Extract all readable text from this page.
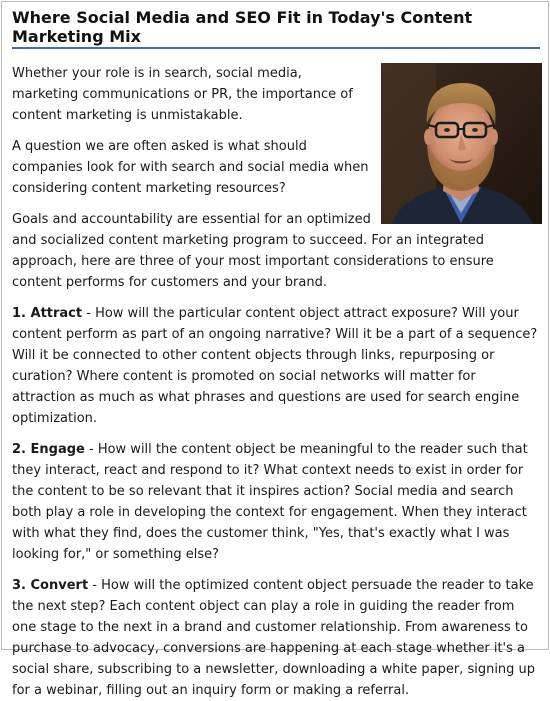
Where Social Media and SEO Fit in Today's Content Marketing Mix

Whether your role is in search, social media, marketing communications or PR, the importance of content marketing is unmistakable.

A question we are often asked is what should companies look for with search and social media when considering content marketing resources?

Goals and accountability are essential for an optimized and socialized content marketing program to succeed. For an integrated approach, here are three of your most important considerations to ensure content performs for customers and your brand.

1. Attract - How will the particular content object attract exposure? Will your content perform as part of an ongoing narrative? Will it be a part of a sequence? Will it be connected to other content objects through links, repurposing or curation? Where content is promoted on social networks will matter for attraction as much as what phrases and questions are used for search engine optimization.

2. Engage - How will the content object be meaningful to the reader such that they interact, react and respond to it? What context needs to exist in order for the content to be so relevant that it inspires action? Social media and search both play a role in developing the context for engagement. When they interact with what they find, does the customer think, "Yes, that's exactly what I was looking for," or something else?

3. Convert - How will the optimized content object persuade the reader to take the next step? Each content object can play a role in guiding the reader from one stage to the next in a brand and customer relationship. From awareness to purchase to advocacy, conversions are happening at each stage whether it's a social share, subscribing to a newsletter, downloading a white paper, signing up for a webinar, filling out an inquiry form or making a referral.
